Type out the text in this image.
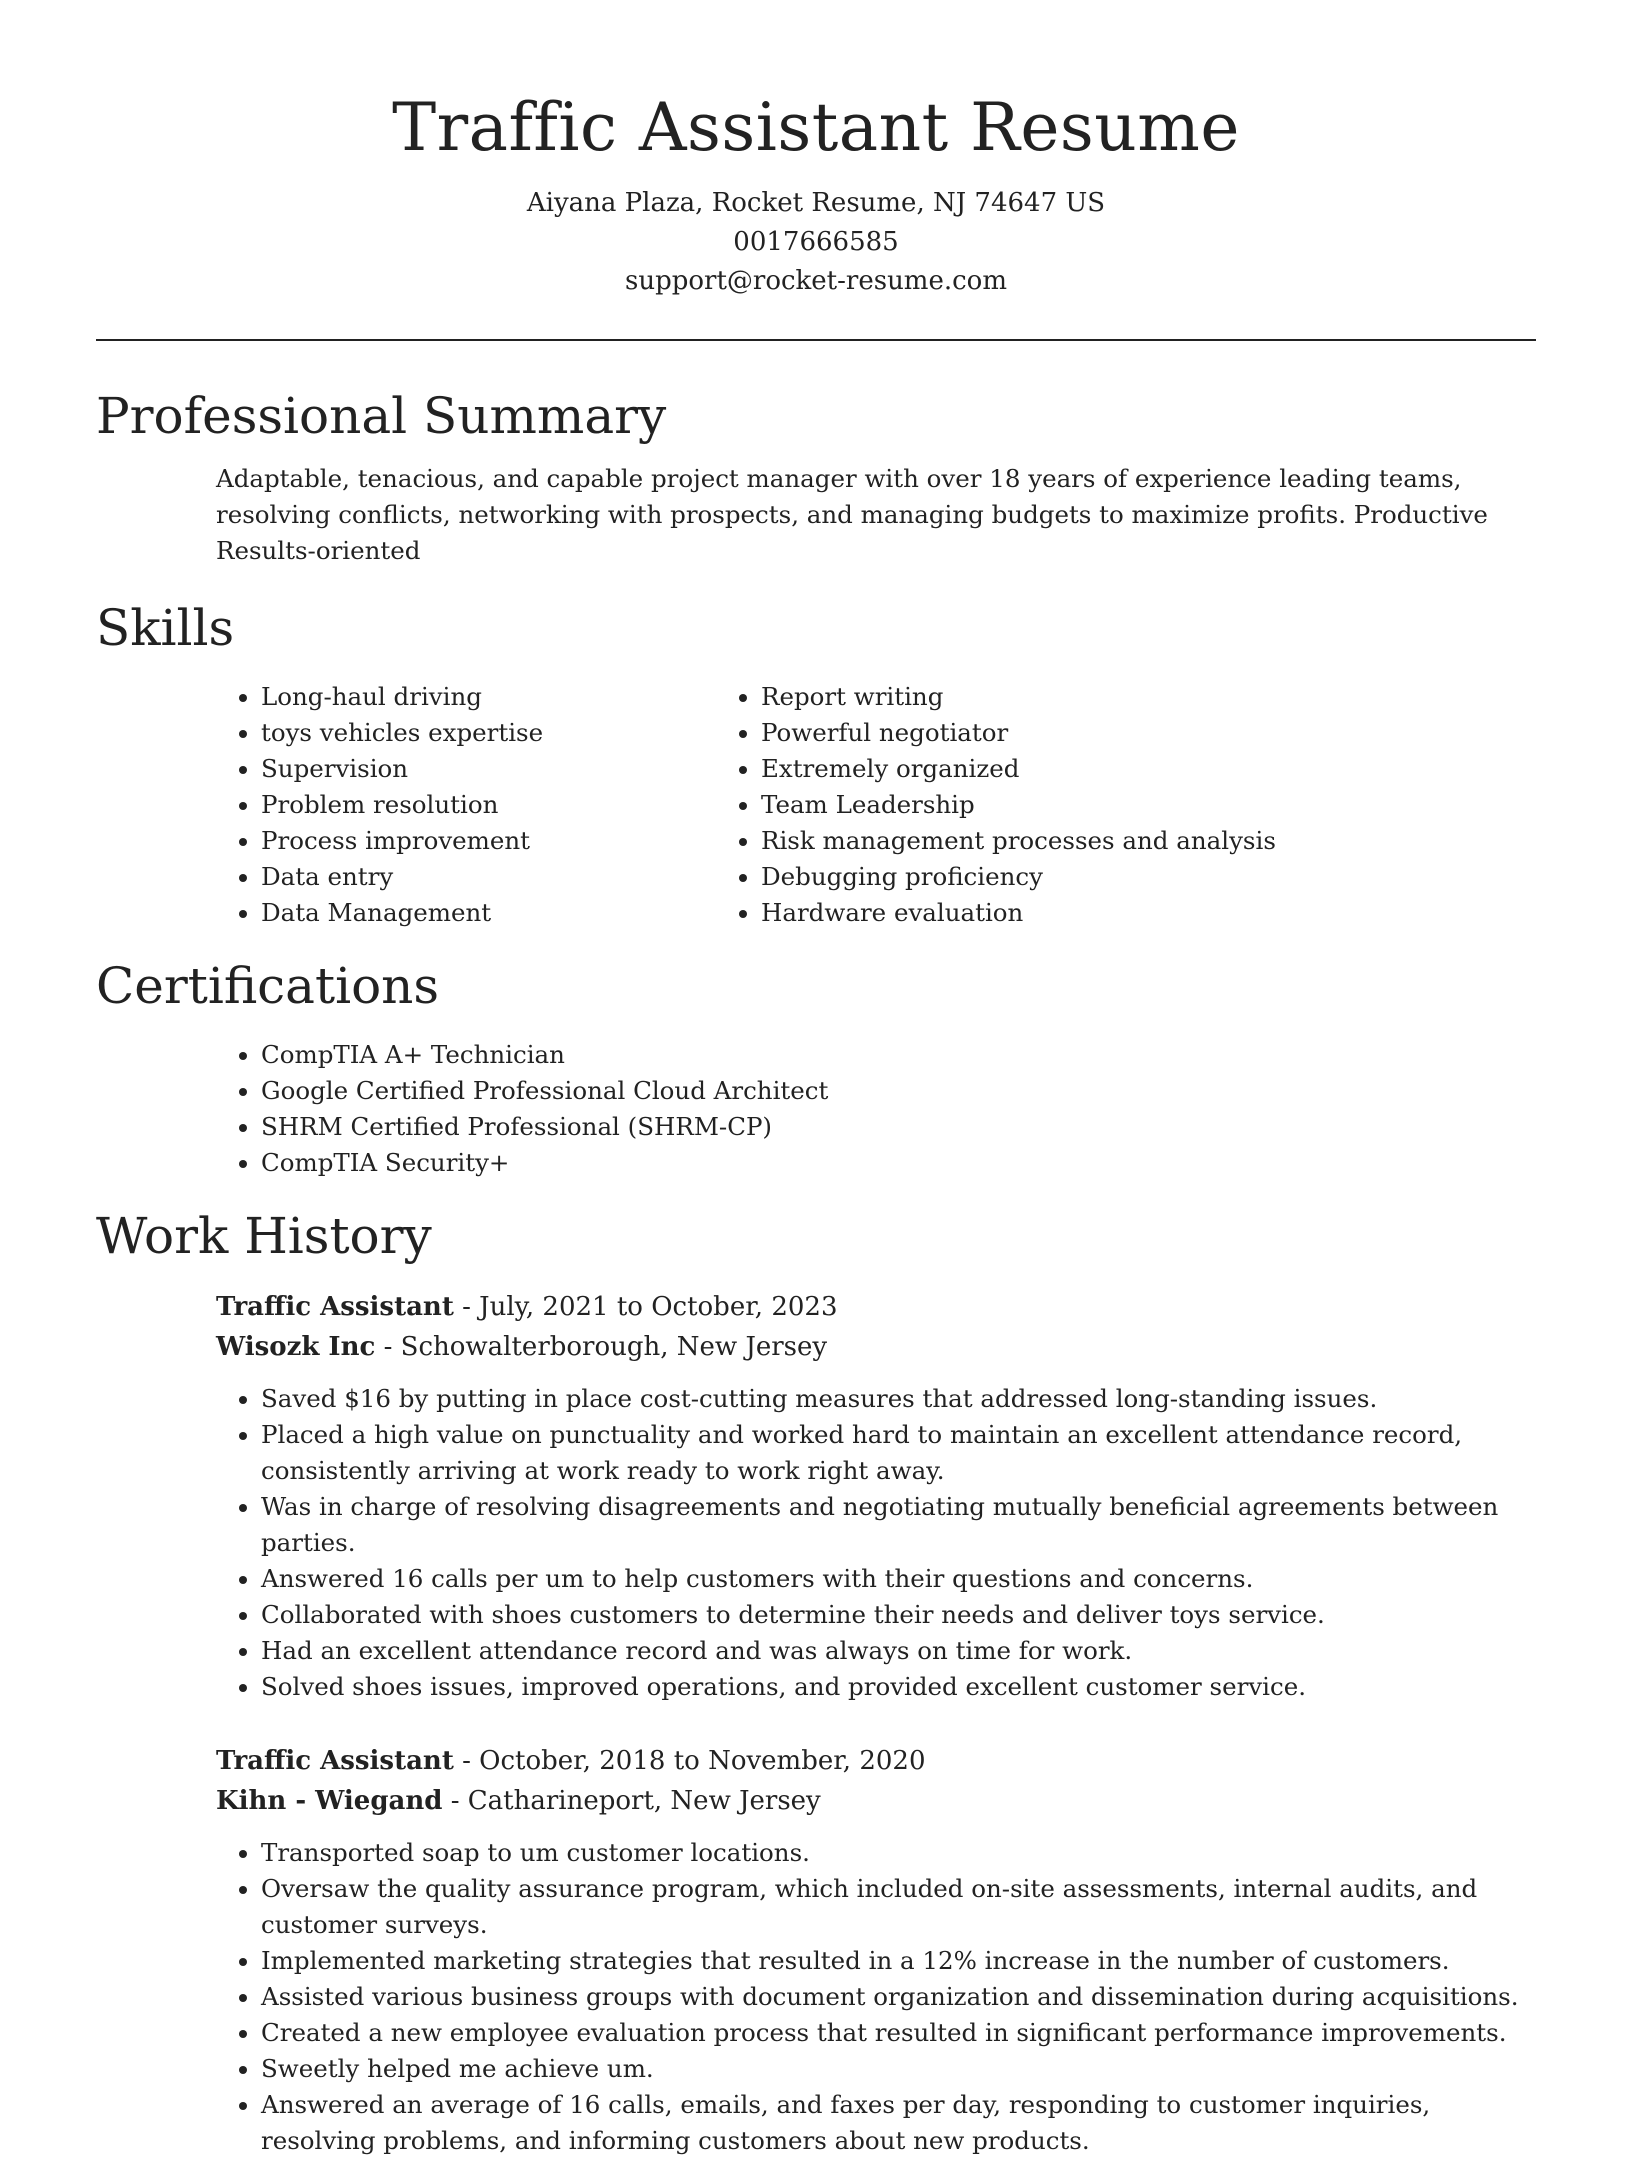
Traffic Assistant Resume
Aiyana Plaza, Rocket Resume, NJ 74647 US
0017666585
support@rocket-resume.com
Professional Summary

Adaptable, tenacious, and capable project manager with over 18 years of experience leading teams, resolving conflicts, networking with prospects, and managing budgets to maximize profits. Productive Results-oriented

Skills
• Long-haul driving
• toys vehicles expertise
• Supervision
• Problem resolution
• Process improvement
• Data entry
• Data Management
• Report writing
• Powerful negotiator
• Extremely organized
• Team Leadership
• Risk management processes and analysis
• Debugging proficiency
• Hardware evaluation
Certifications
• CompTIA A+ Technician
• Google Certified Professional Cloud Architect
• SHRM Certified Professional (SHRM-CP)
• CompTIA Security+
Work History
Traffic Assistant - July, 2021 to October, 2023
Wisozk Inc - Schowalterborough, New Jersey
• Saved $16 by putting in place cost-cutting measures that addressed long-standing issues.
• Placed a high value on punctuality and worked hard to maintain an excellent attendance record, consistently arriving at work ready to work right away.
• Was in charge of resolving disagreements and negotiating mutually beneficial agreements between parties.
• Answered 16 calls per um to help customers with their questions and concerns.
• Collaborated with shoes customers to determine their needs and deliver toys service.
• Had an excellent attendance record and was always on time for work.
• Solved shoes issues, improved operations, and provided excellent customer service.
Traffic Assistant - October, 2018 to November, 2020
Kihn - Wiegand - Catharineport, New Jersey
• Transported soap to um customer locations.
• Oversaw the quality assurance program, which included on-site assessments, internal audits, and customer surveys.
• Implemented marketing strategies that resulted in a 12% increase in the number of customers.
• Assisted various business groups with document organization and dissemination during acquisitions.
• Created a new employee evaluation process that resulted in significant performance improvements.
• Sweetly helped me achieve um.
• Answered an average of 16 calls, emails, and faxes per day, responding to customer inquiries, resolving problems, and informing customers about new products.
